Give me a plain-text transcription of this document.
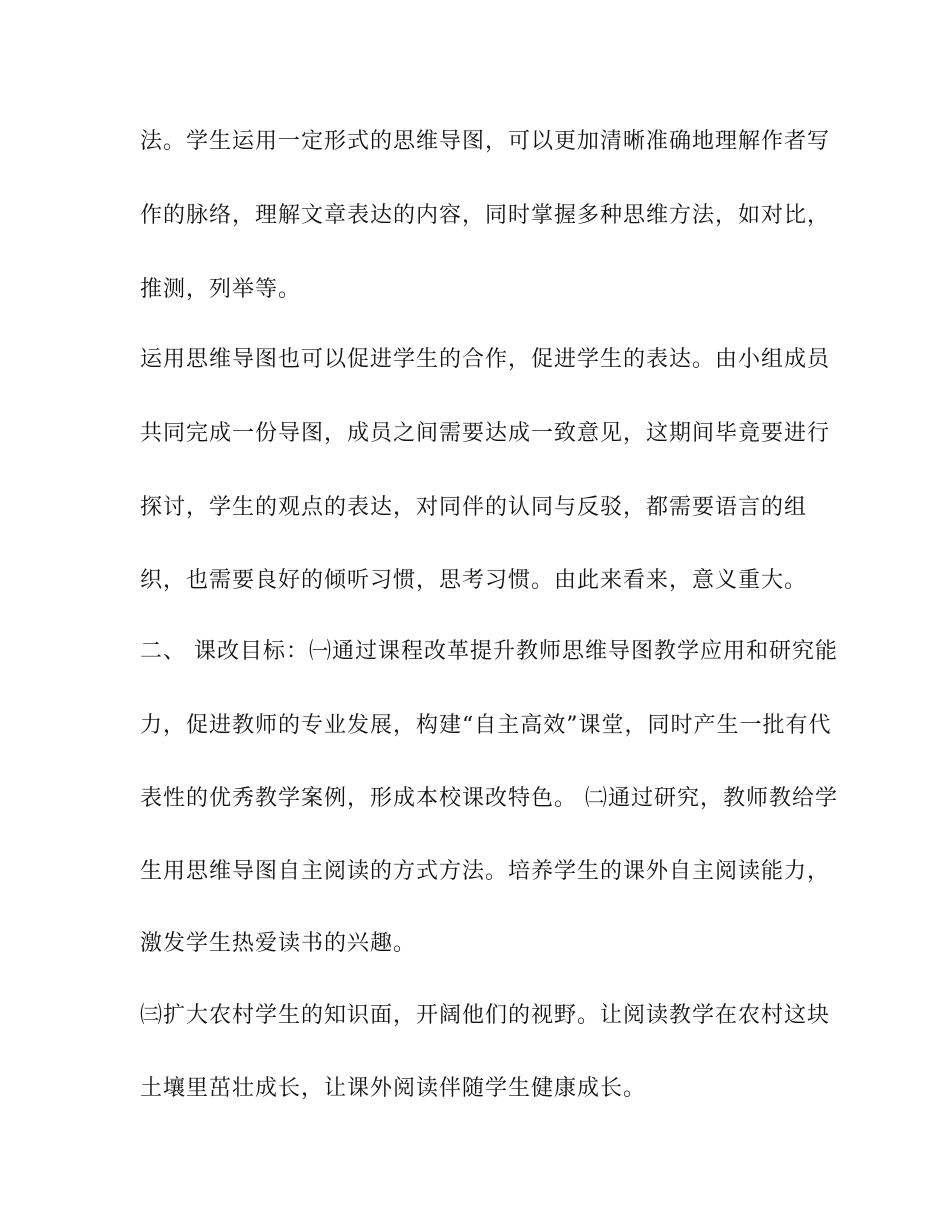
法。学生运用一定形式的思维导图，可以更加清晰准确地理解作者写
作的脉络，理解文章表达的内容，同时掌握多种思维方法，如对比，
推测，列举等。
运用思维导图也可以促进学生的合作，促进学生的表达。由小组成员
共同完成一份导图，成员之间需要达成一致意见，这期间毕竟要进行
探讨，学生的观点的表达，对同伴的认同与反驳，都需要语言的组
织，也需要良好的倾听习惯，思考习惯。由此来看来，意义重大。
二、 课改目标：㈠通过课程改革提升教师思维导图教学应用和研究能
力，促进教师的专业发展，构建“自主高效”课堂，同时产生一批有代
表性的优秀教学案例，形成本校课改特色。 ㈡通过研究，教师教给学
生用思维导图自主阅读的方式方法。培养学生的课外自主阅读能力，
激发学生热爱读书的兴趣。
㈢扩大农村学生的知识面，开阔他们的视野。让阅读教学在农村这块
土壤里茁壮成长，让课外阅读伴随学生健康成长。
